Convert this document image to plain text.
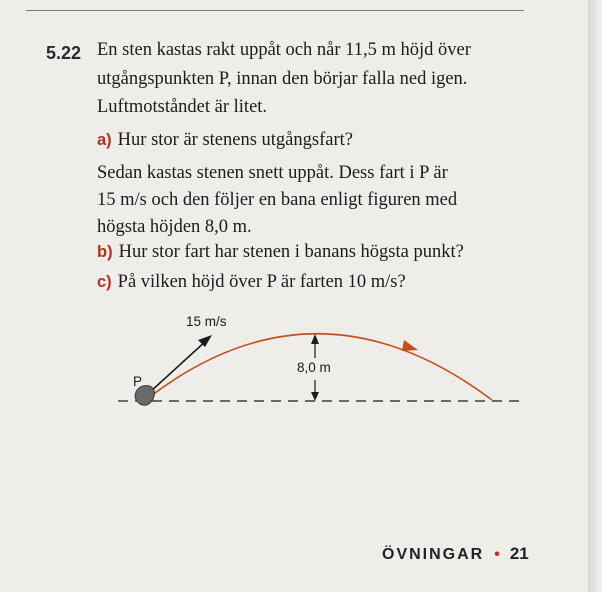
5.22 En sten kastas rakt uppåt och når 11,5 m höjd över
utgångspunkten P, innan den börjar falla ned igen.
Luftmotståndet är litet.
a) Hur stor är stenens utgångsfart?
Sedan kastas stenen snett uppåt. Dess fart i P är
15 m/s och den följer en bana enligt figuren med
högsta höjden 8,0 m.
b) Hur stor fart har stenen i banans högsta punkt?
c) På vilken höjd över P är farten 10 m/s?
15 m/s
8,0 m
P
ÖVNINGAR • 21
